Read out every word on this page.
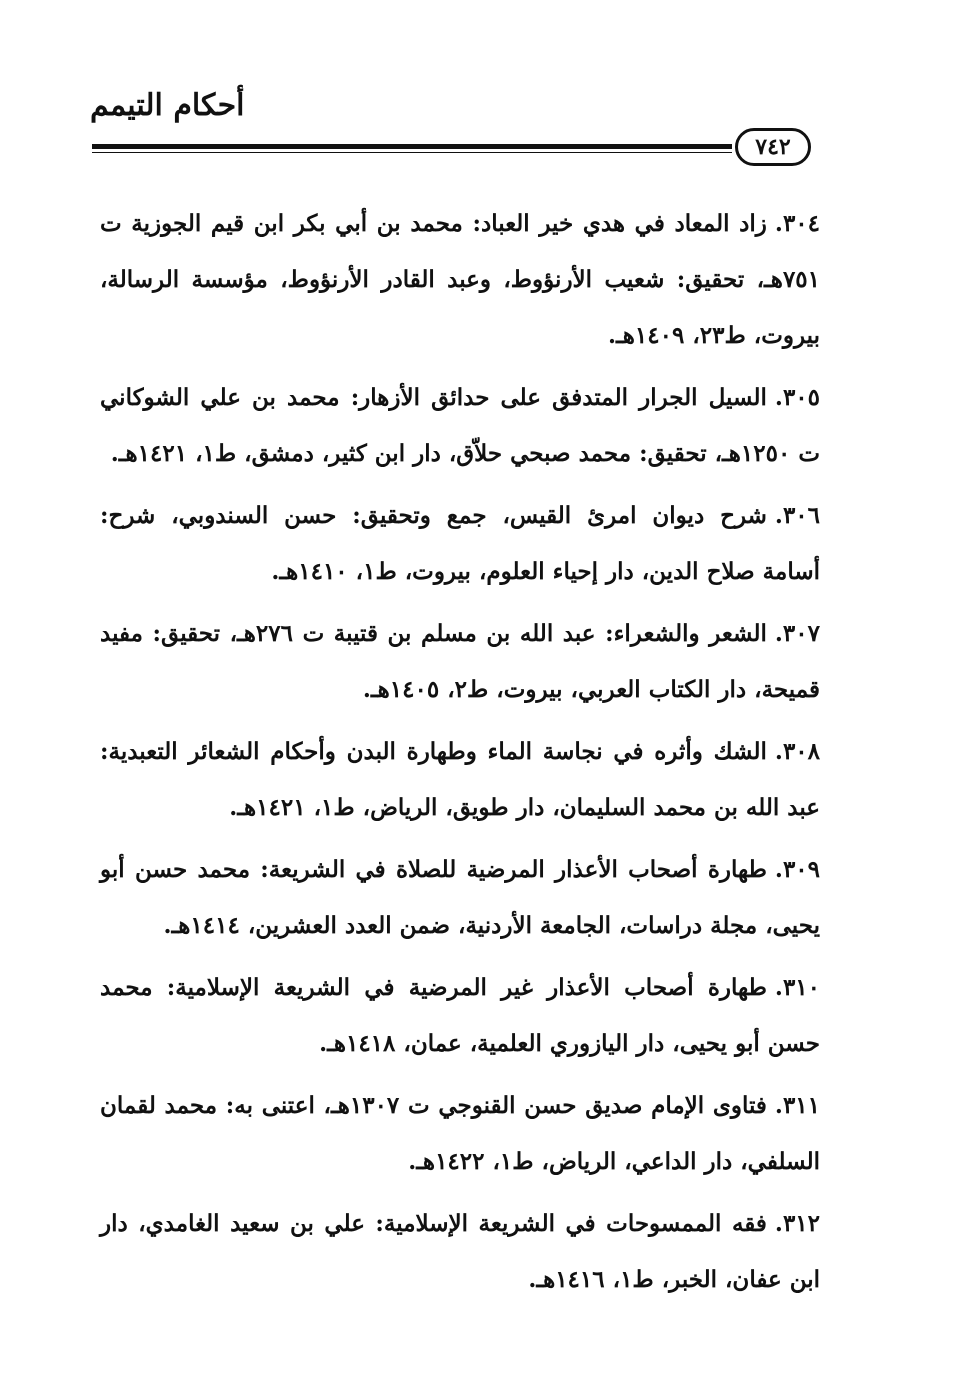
أحكام التيمم
٧٤٢
٣٠٤.زاد المعاد في هدي خير العباد: محمد بن أبي بكر ابن قيم الجوزية ت ٧٥١هـ، تحقيق: شعيب الأرنؤوط، وعبد القادر الأرنؤوط، مؤسسة الرسالة، بيروت، ط٢٣، ١٤٠٩هـ.
٣٠٥.السيل الجرار المتدفق على حدائق الأزهار: محمد بن علي الشوكاني ت ١٢٥٠هـ، تحقيق: محمد صبحي حلاّق، دار ابن كثير، دمشق، ط١، ١٤٢١هـ.
٣٠٦.شرح ديوان امرئ القيس، جمع وتحقيق: حسن السندوبي، شرح: أسامة صلاح الدين، دار إحياء العلوم، بيروت، ط١، ١٤١٠هـ.
٣٠٧.الشعر والشعراء: عبد الله بن مسلم بن قتيبة ت ٢٧٦هـ، تحقيق: مفيد قميحة، دار الكتاب العربي، بيروت، ط٢، ١٤٠٥هـ.
٣٠٨.الشك وأثره في نجاسة الماء وطهارة البدن وأحكام الشعائر التعبدية: عبد الله بن محمد السليمان، دار طويق، الرياض، ط١، ١٤٢١هـ.
٣٠٩.طهارة أصحاب الأعذار المرضية للصلاة في الشريعة: محمد حسن أبو يحيى، مجلة دراسات، الجامعة الأردنية، ضمن العدد العشرين، ١٤١٤هـ.
٣١٠.طهارة أصحاب الأعذار غير المرضية في الشريعة الإسلامية: محمد حسن أبو يحيى، دار اليازوري العلمية، عمان، ١٤١٨هـ.
٣١١.فتاوى الإمام صديق حسن القنوجي ت ١٣٠٧هـ، اعتنى به: محمد لقمان السلفي، دار الداعي، الرياض، ط١، ١٤٢٢هـ.
٣١٢.فقه الممسوحات في الشريعة الإسلامية: علي بن سعيد الغامدي، دار ابن عفان، الخبر، ط١، ١٤١٦هـ.
